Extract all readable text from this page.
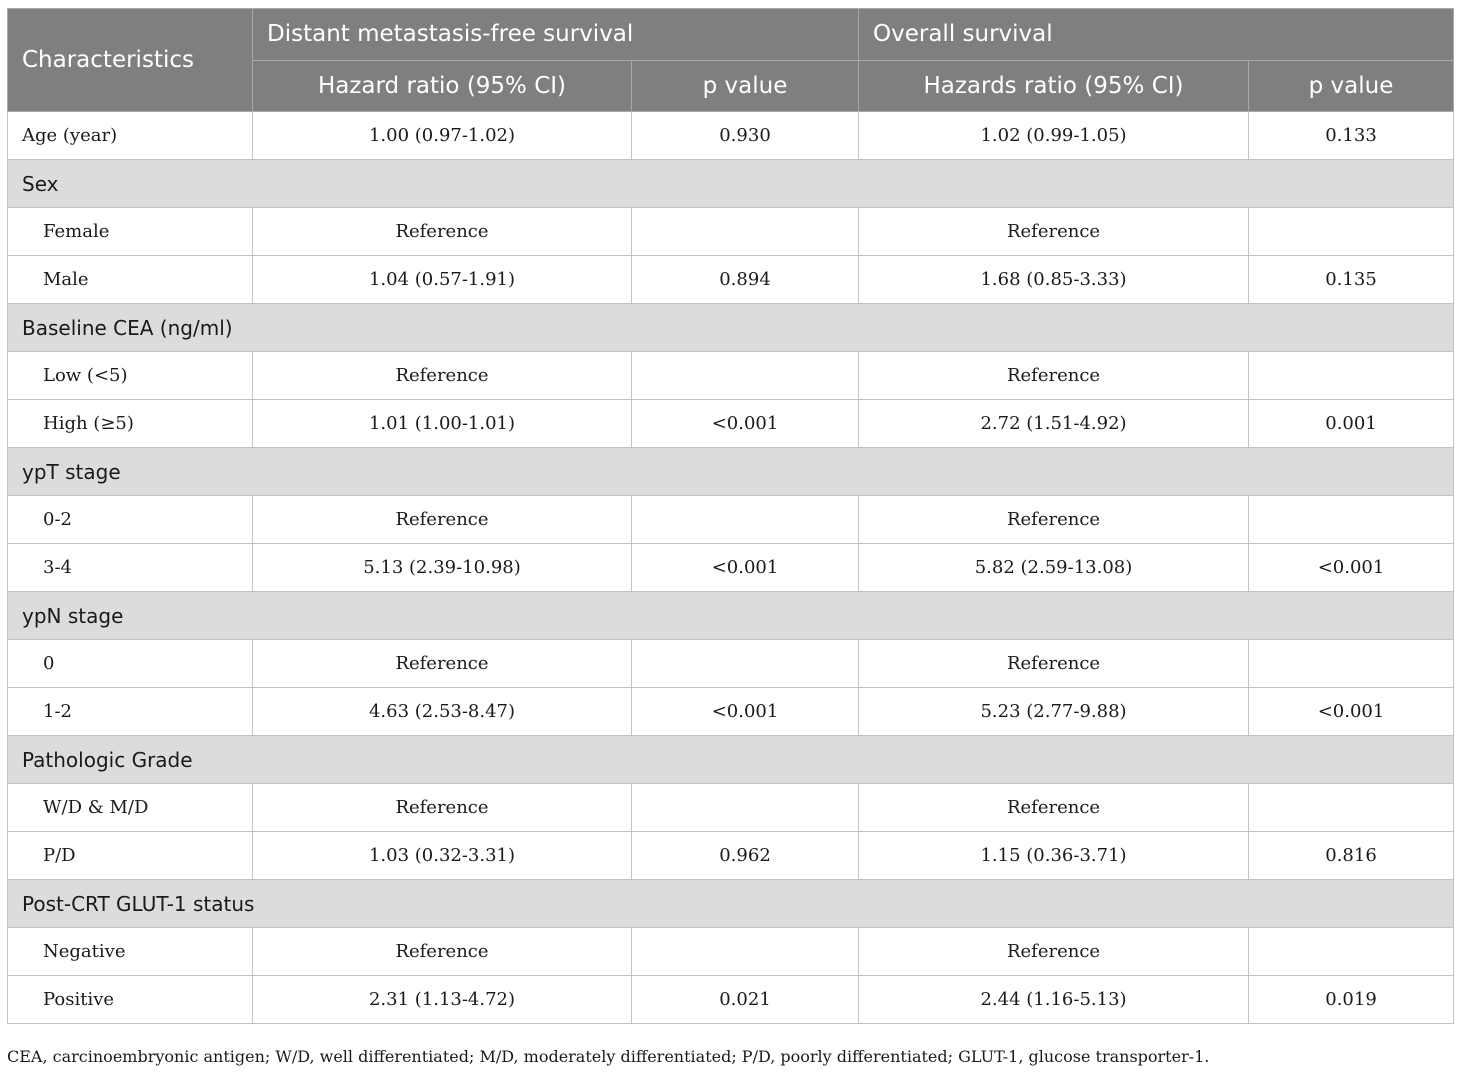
Characteristics	Distant metastasis-free survival		Overall survival	
	Hazard ratio (95% CI)	p value	Hazards ratio (95% CI)	p value
Age (year)	1.00 (0.97-1.02)	0.930	1.02 (0.99-1.05)	0.133
Sex				
Female	Reference		Reference	
Male	1.04 (0.57-1.91)	0.894	1.68 (0.85-3.33)	0.135
Baseline CEA (ng/ml)				
Low (<5)	Reference		Reference	
High (≥5)	1.01 (1.00-1.01)	<0.001	2.72 (1.51-4.92)	0.001
ypT stage				
0-2	Reference		Reference	
3-4	5.13 (2.39-10.98)	<0.001	5.82 (2.59-13.08)	<0.001
ypN stage				
0	Reference		Reference	
1-2	4.63 (2.53-8.47)	<0.001	5.23 (2.77-9.88)	<0.001
Pathologic Grade				
W/D & M/D	Reference		Reference	
P/D	1.03 (0.32-3.31)	0.962	1.15 (0.36-3.71)	0.816
Post-CRT GLUT-1 status				
Negative	Reference		Reference	
Positive	2.31 (1.13-4.72)	0.021	2.44 (1.16-5.13)	0.019
CEA, carcinoembryonic antigen; W/D, well differentiated; M/D, moderately differentiated; P/D, poorly differentiated; GLUT-1, glucose transporter-1.
